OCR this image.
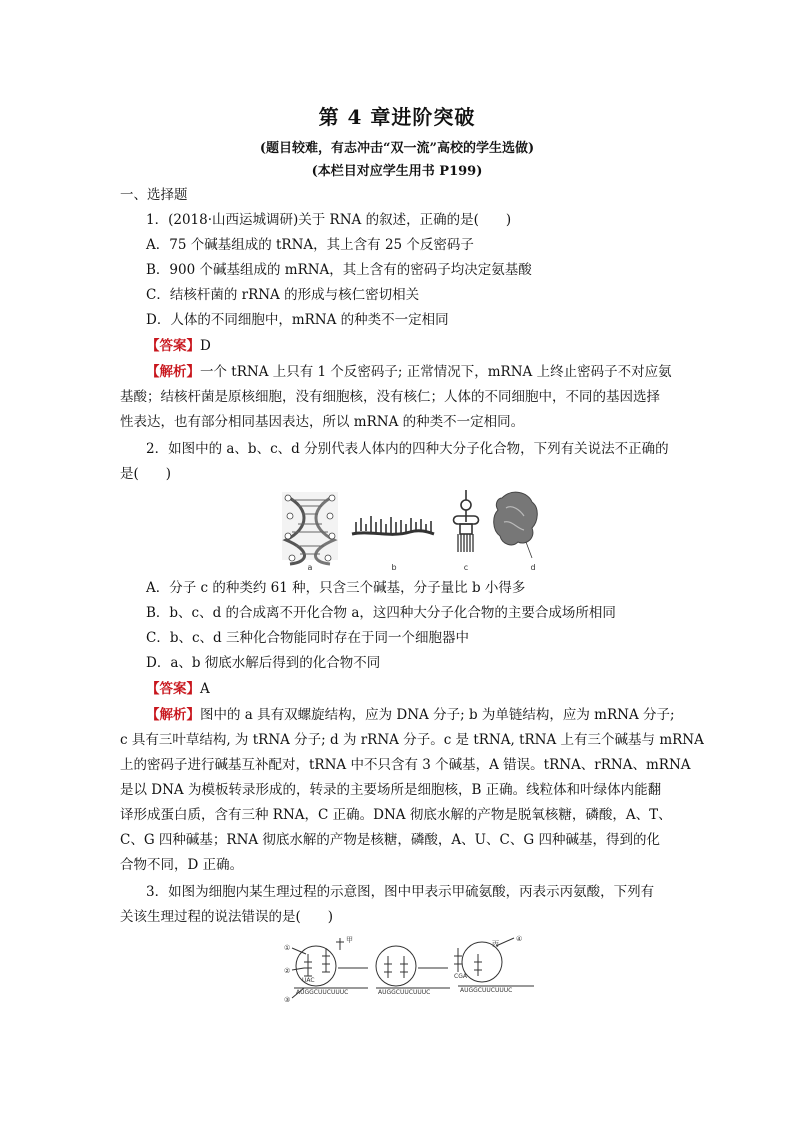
第 4 章进阶突破
(题目较难，有志冲击“双一流”高校的学生选做)
(本栏目对应学生用书 P199)
一、选择题
1．(2018·山西运城调研)关于 RNA 的叙述，正确的是(　　)
A．75 个碱基组成的 tRNA，其上含有 25 个反密码子
B．900 个碱基组成的 mRNA，其上含有的密码子均决定氨基酸
C．结核杆菌的 rRNA 的形成与核仁密切相关
D．人体的不同细胞中，mRNA 的种类不一定相同
【答案】D
【解析】一个 tRNA 上只有 1 个反密码子; 正常情况下，mRNA 上终止密码子不对应氨
基酸；结核杆菌是原核细胞，没有细胞核，没有核仁；人体的不同细胞中，不同的基因选择
性表达，也有部分相同基因表达，所以 mRNA 的种类不一定相同。
2．如图中的 a、b、c、d 分别代表人体内的四种大分子化合物，下列有关说法不正确的
是(　　)
a	b	c	d
A．分子 c 的种类约 61 种，只含三个碱基，分子量比 b 小得多
B．b、c、d 的合成离不开化合物 a，这四种大分子化合物的主要合成场所相同
C．b、c、d 三种化合物能同时存在于同一个细胞器中
D．a、b 彻底水解后得到的化合物不同
【答案】A
【解析】图中的 a 具有双螺旋结构，应为 DNA 分子; b 为单链结构，应为 mRNA 分子;
c 具有三叶草结构, 为 tRNA 分子; d 为 rRNA 分子。c 是 tRNA, tRNA 上有三个碱基与 mRNA
上的密码子进行碱基互补配对，tRNA 中不只含有 3 个碱基，A 错误。tRNA、rRNA、mRNA
是以 DNA 为模板转录形成的，转录的主要场所是细胞核，B 正确。线粒体和叶绿体内能翻
译形成蛋白质，含有三种 RNA，C 正确。DNA 彻底水解的产物是脱氧核糖，磷酸，A、T、
C、G 四种碱基；RNA 彻底水解的产物是核糖，磷酸，A、U、C、G 四种碱基，得到的化
合物不同，D 正确。
3．如图为细胞内某生理过程的示意图，图中甲表示甲硫氨酸，丙表示丙氨酸，下列有
关该生理过程的说法错误的是(　　)
①
②
③
④
甲	丙
AUGGCUUCUUUC	AUGGCUUCUUUC	AUGGCUUCUUUC
UAC
CGA
